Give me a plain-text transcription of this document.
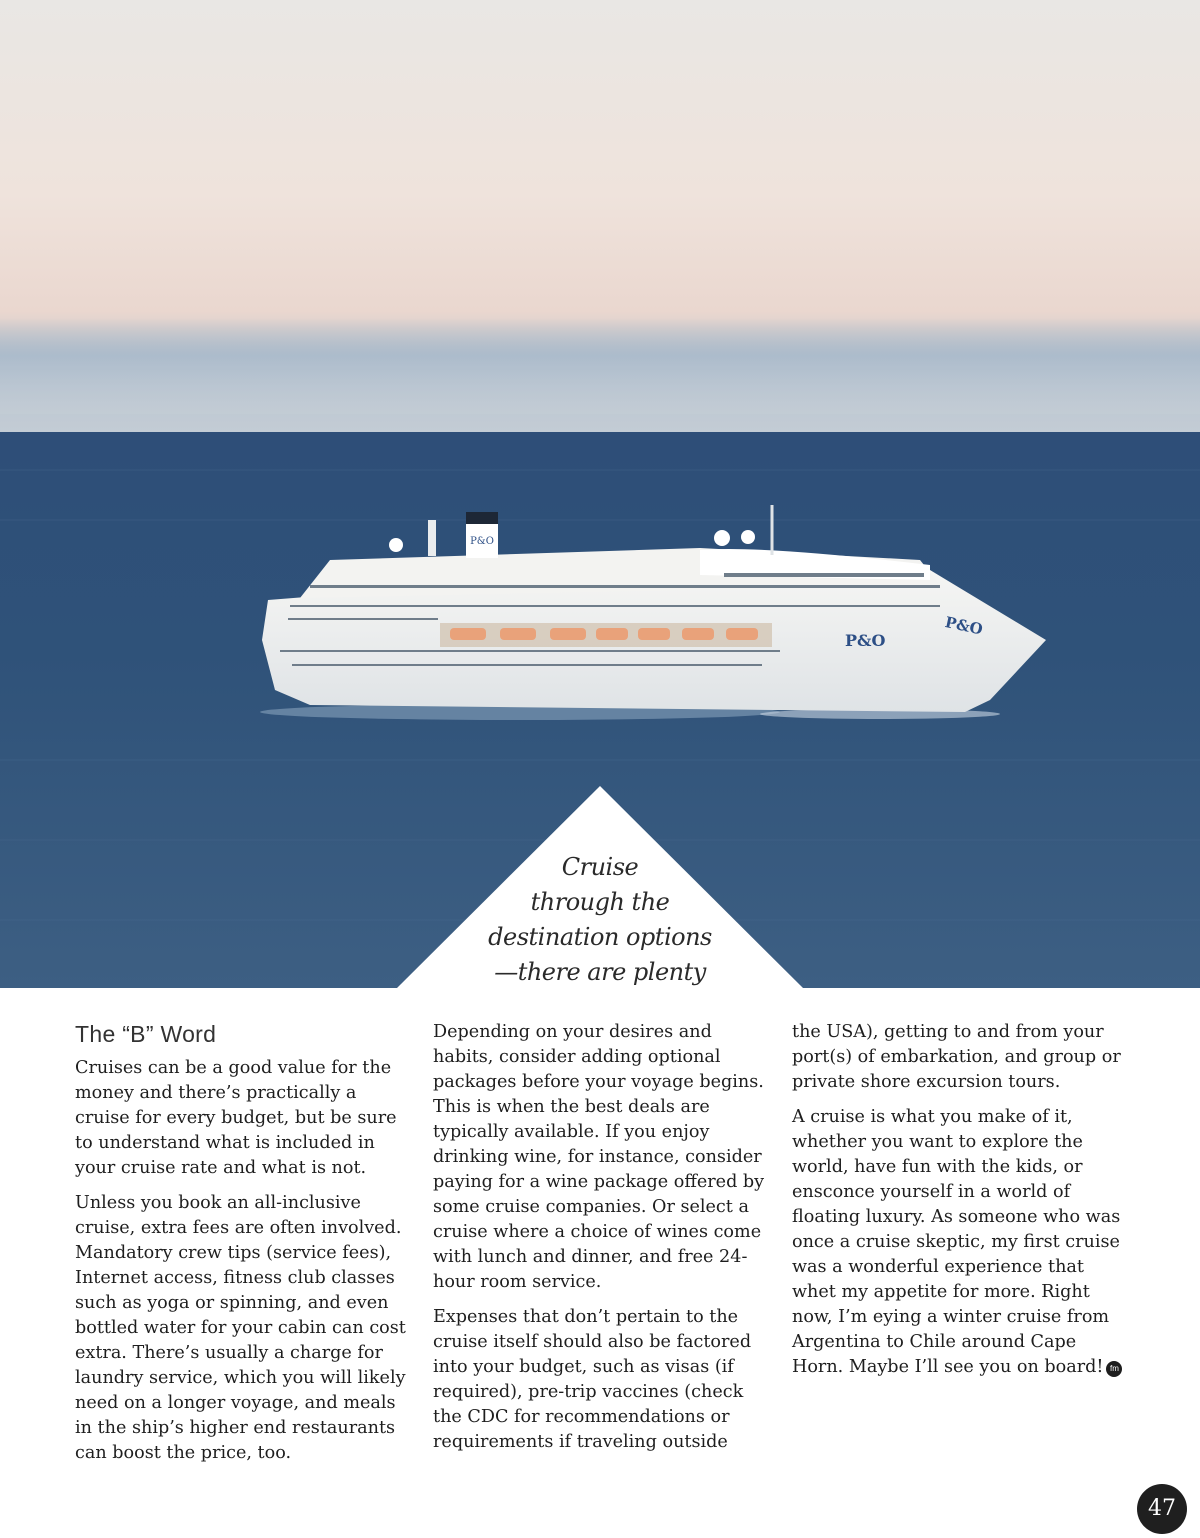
P&O
P&O
P&O
Cruise
through the
destination options
—there are plenty
The “B” Word

Cruises can be a good value for the money and there’s practically a cruise for every budget, but be sure to understand what is included in your cruise rate and what is not.

Unless you book an all-inclusive cruise, extra fees are often involved. Mandatory crew tips (service fees), Internet access, fitness club classes such as yoga or spinning, and even bottled water for your cabin can cost extra. There’s usually a charge for laundry service, which you will likely need on a longer voyage, and meals in the ship’s higher end restaurants can boost the price, too.

Depending on your desires and habits, consider adding optional packages before your voyage begins. This is when the best deals are typically available. If you enjoy drinking wine, for instance, consider paying for a wine package offered by some cruise companies. Or select a cruise where a choice of wines come with lunch and dinner, and free 24-hour room service.

Expenses that don’t pertain to the cruise itself should also be factored into your budget, such as visas (if required), pre-trip vaccines (check the CDC for recommendations or requirements if traveling outside

the USA), getting to and from your port(s) of embarkation, and group or private shore excursion tours.

A cruise is what you make of it, whether you want to explore the world, have fun with the kids, or ensconce yourself in a world of floating luxury. As someone who was once a cruise skeptic, my first cruise was a wonderful experience that whet my appetite for more. Right now, I’m eying a winter cruise from Argentina to Chile around Cape Horn. Maybe I’ll see you on board! fm

47
